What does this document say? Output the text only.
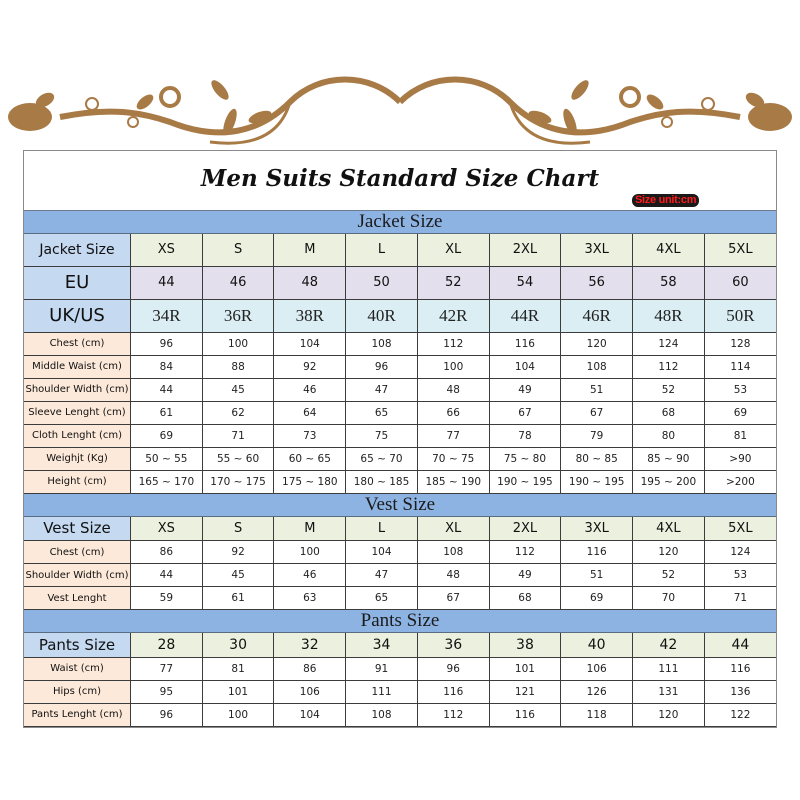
Men Suits Standard Size Chart
Size unit:cm
Jacket Size
Jacket Size	XS	S	M	L	XL	2XL	3XL	4XL	5XL
EU	44	46	48	50	52	54	56	58	60
UK/US	34R	36R	38R	40R	42R	44R	46R	48R	50R
Chest (cm)	96	100	104	108	112	116	120	124	128
Middle Waist (cm)	84	88	92	96	100	104	108	112	114
Shoulder Width (cm)	44	45	46	47	48	49	51	52	53
Sleeve Lenght (cm)	61	62	64	65	66	67	67	68	69
Cloth Lenght (cm)	69	71	73	75	77	78	79	80	81
Weighjt (Kg)	50 ~ 55	55 ~ 60	60 ~ 65	65 ~ 70	70 ~ 75	75 ~ 80	80 ~ 85	85 ~ 90	>90
Height (cm)	165 ~ 170	170 ~ 175	175 ~ 180	180 ~ 185	185 ~ 190	190 ~ 195	190 ~ 195	195 ~ 200	>200
Vest Size
Vest Size	XS	S	M	L	XL	2XL	3XL	4XL	5XL
Chest (cm)	86	92	100	104	108	112	116	120	124
Shoulder Width (cm)	44	45	46	47	48	49	51	52	53
Vest Lenght	59	61	63	65	67	68	69	70	71
Pants Size
Pants Size	28	30	32	34	36	38	40	42	44
Waist (cm)	77	81	86	91	96	101	106	111	116
Hips (cm)	95	101	106	111	116	121	126	131	136
Pants Lenght (cm)	96	100	104	108	112	116	118	120	122
